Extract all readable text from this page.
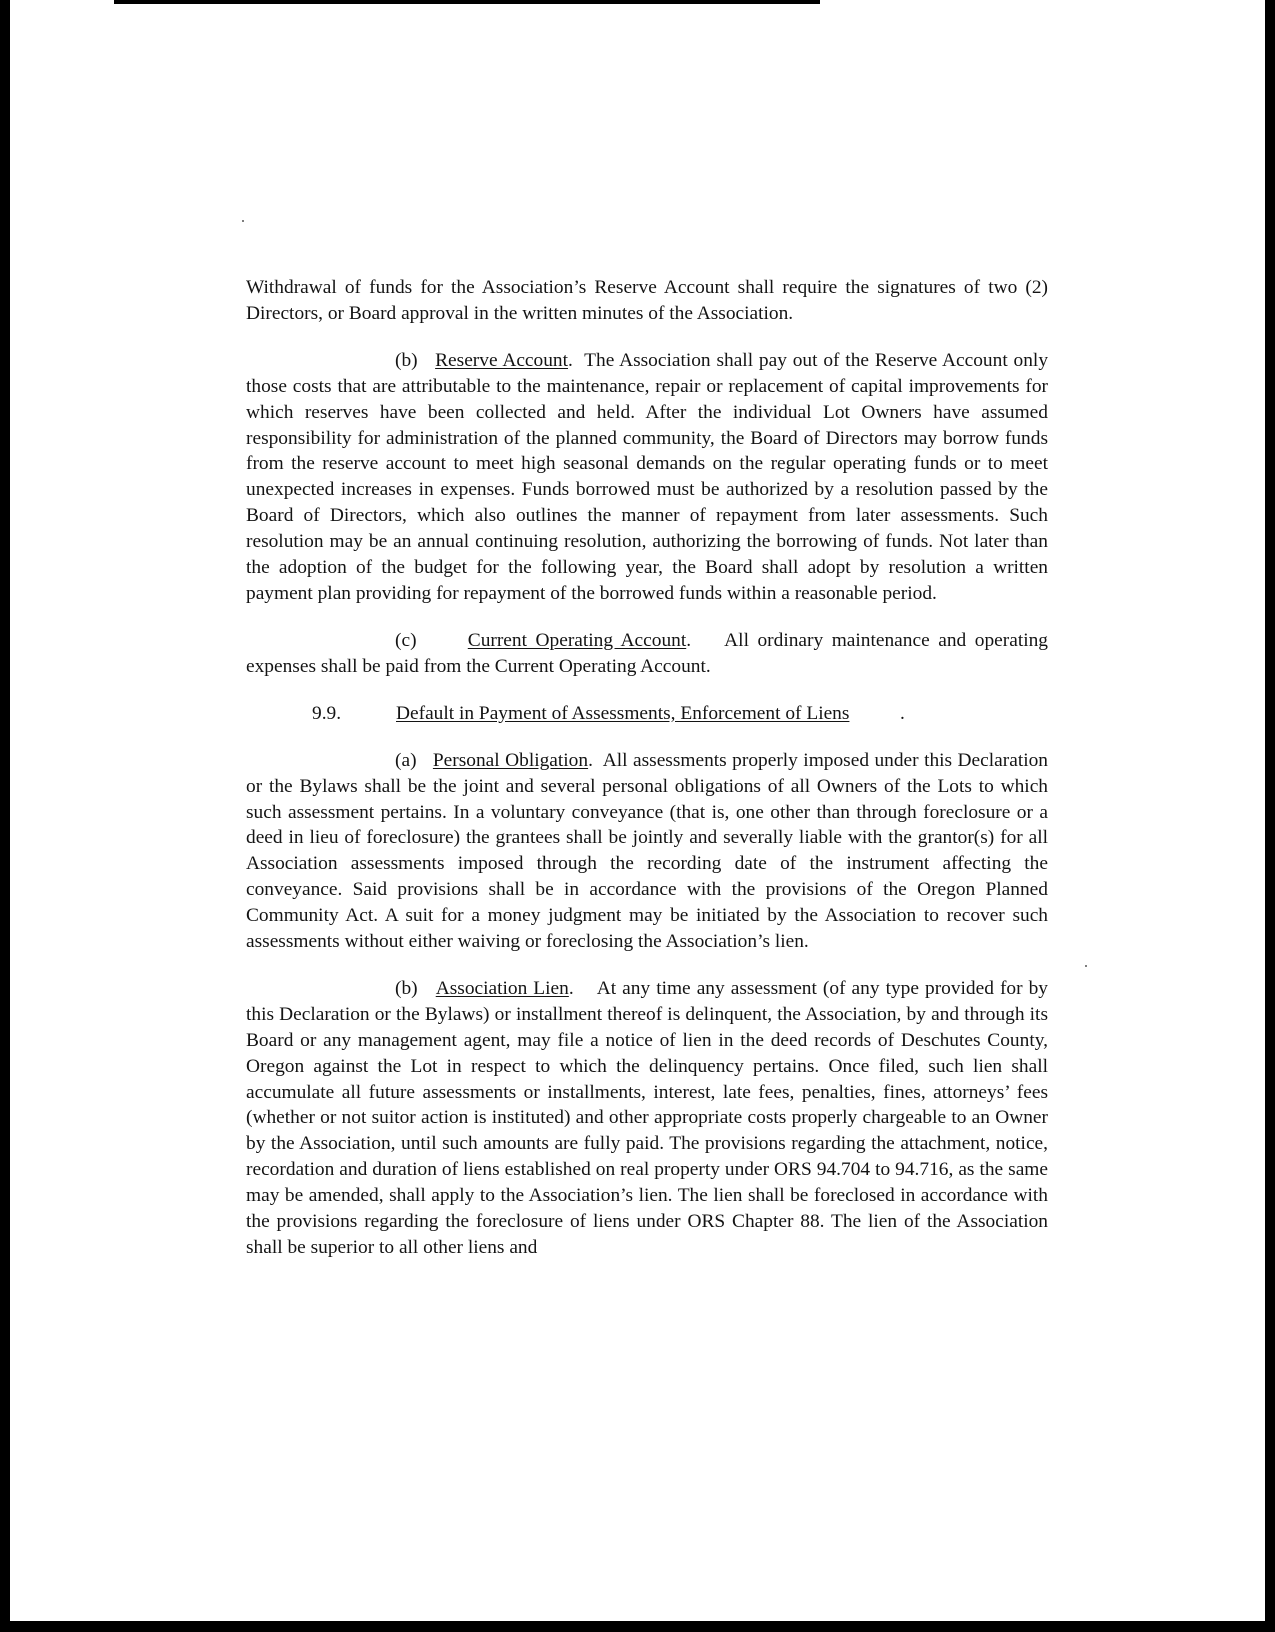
Withdrawal of funds for the Association’s Reserve Account shall require the signatures of two (2) Directors, or Board approval in the written minutes of the Association.

(b) Reserve Account.  The Association shall pay out of the Reserve Account only those costs that are attributable to the maintenance, repair or replacement of capital improvements for which reserves have been collected and held. After the individual Lot Owners have assumed responsibility for administration of the planned community, the Board of Directors may borrow funds from the reserve account to meet high seasonal demands on the regular operating funds or to meet unexpected increases in expenses. Funds borrowed must be authorized by a resolution passed by the Board of Directors, which also outlines the manner of repayment from later assessments. Such resolution may be an annual continuing resolution, authorizing the borrowing of funds. Not later than the adoption of the budget for the following year, the Board shall adopt by resolution a written payment plan providing for repayment of the borrowed funds within a reasonable period.

(c)	Current Operating Account.    All ordinary maintenance and operating expenses shall be paid from the Current Operating Account.

9.9.	Default in Payment of Assessments, Enforcement of Liens	.

(a) Personal Obligation.  All assessments properly imposed under this Declaration or the Bylaws shall be the joint and several personal obligations of all Owners of the Lots to which such assessment pertains. In a voluntary conveyance (that is, one other than through foreclosure or a deed in lieu of foreclosure) the grantees shall be jointly and severally liable with the grantor(s) for all Association assessments imposed through the recording date of the instrument affecting the conveyance. Said provisions shall be in accordance with the provisions of the Oregon Planned Community Act. A suit for a money judgment may be initiated by the Association to recover such assessments without either waiving or foreclosing the Association’s lien.

(b) Association Lien.    At any time any assessment (of any type provided for by this Declaration or the Bylaws) or installment thereof is delinquent, the Association, by and through its Board or any management agent, may file a notice of lien in the deed records of Deschutes County, Oregon against the Lot in respect to which the delinquency pertains. Once filed, such lien shall accumulate all future assessments or installments, interest, late fees, penalties, fines, attorneys’ fees (whether or not suitor action is instituted) and other appropriate costs properly chargeable to an Owner by the Association, until such amounts are fully paid. The provisions regarding the attachment, notice, recordation and duration of liens established on real property under ORS 94.704 to 94.716, as the same may be amended, shall apply to the Association’s lien. The lien shall be foreclosed in accordance with the provisions regarding the foreclosure of liens under ORS Chapter 88. The lien of the Association shall be superior to all other liens and
